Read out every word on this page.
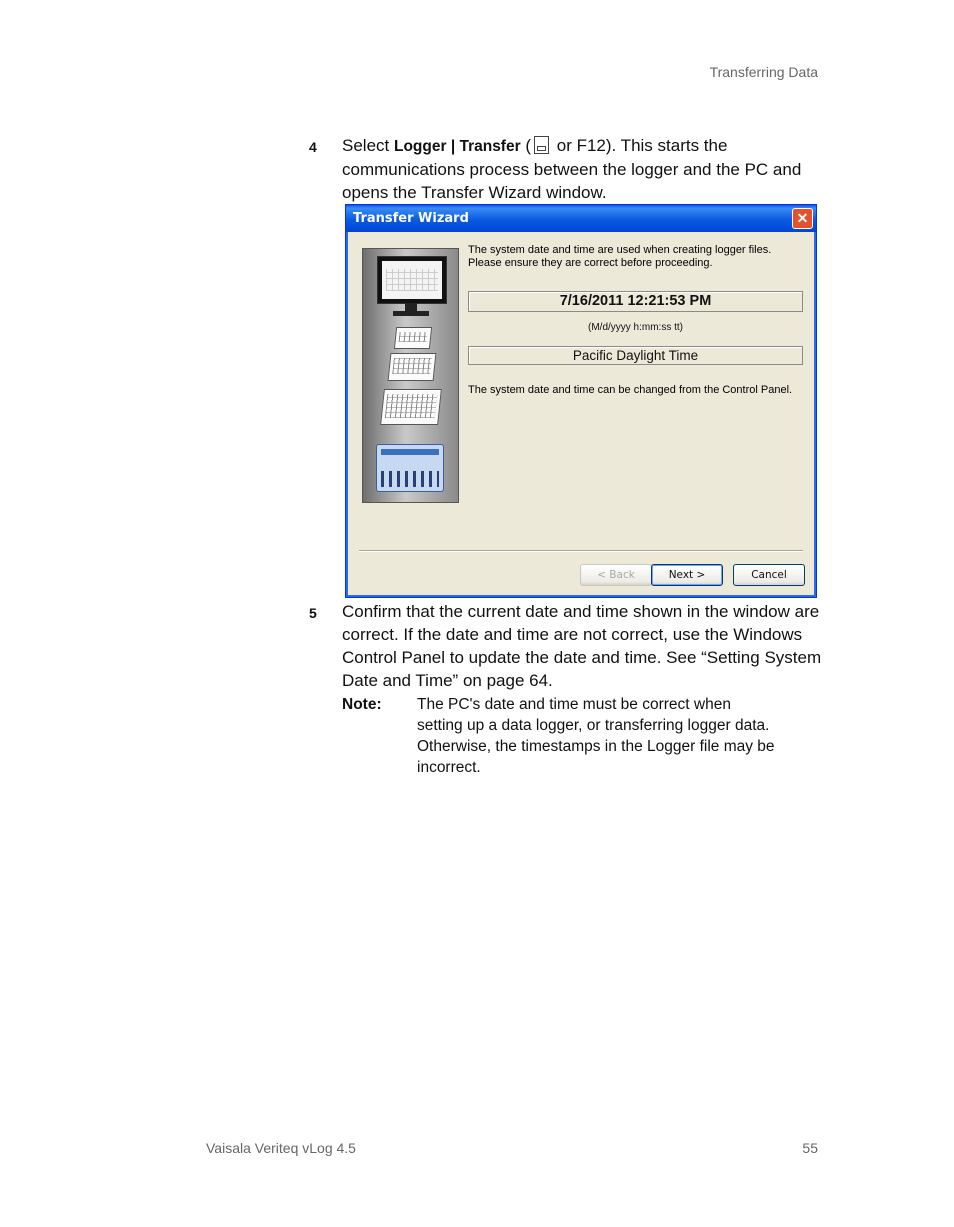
Transferring Data
4 Select Logger | Transfer ( or F12). This starts the communications process between the logger and the PC and opens the Transfer Wizard window.
Transfer Wizard	✕
The system date and time are used when creating logger files. Please ensure they are correct before proceeding.
7/16/2011 12:21:53 PM
(M/d/yyyy h:mm:ss tt)
Pacific Daylight Time
The system date and time can be changed from the Control Panel.
< Back	Next >	Cancel
5 Confirm that the current date and time shown in the window are correct. If the date and time are not correct, use the Windows Control Panel to update the date and time. See “Setting System Date and Time” on page 64.
Note: The PC's date and time must be correct when setting up a data logger, or transferring logger data. Otherwise, the timestamps in the Logger file may be incorrect.
Vaisala Veriteq vLog 4.5	55
